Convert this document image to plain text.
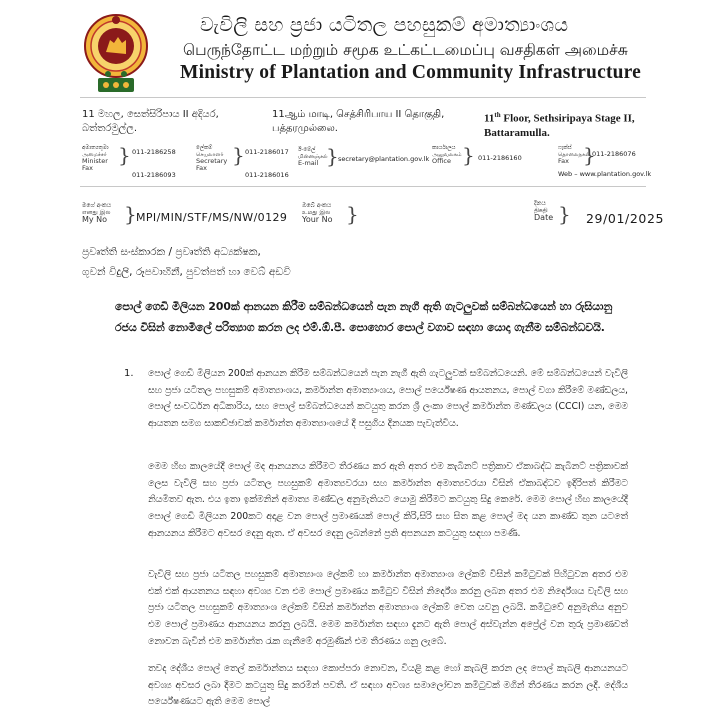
වැවිලි සහ ප්‍රජා යටිතල පහසුකම් අමාත්‍යාංශය
பெருந்தோட்ட மற்றும் சமூக உட்கட்டமைப்பு வசதிகள் அமைச்சு
Ministry of Plantation and Community Infrastructure
11 මහල, සෙත්සිරිපාය II අදියර,
බත්තරමුල්ල.
11ஆம் மாடி, செத்சிரிபாய II தொகுதி,
பத்தரமுல்லை.
11th Floor, Sethsiripaya Stage II,
Battaramulla.
අමාත්‍යතුමා
அமைச்சர்
Minister
Fax
} 011-2186258
011-2186093
ලේකම්
செயலாளர்
Secretary
Fax
} 011-2186017
011-2186016
ඊ-මේල්
மின்னஞ்சல்
E-mail } secretary@plantation.gov.lk
කාර්යාලය
அலுவலகம்
Office } 011-2186160
ෆැක්ස්
தொலைநகல்
Fax }
011-2186076
Web – www.plantation.gov.lk
මගේ අංකය
எனது இல
My No } MPI/MIN/STF/MS/NW/0129
ඔබේ අංකය
உமது இல
Your No }	දිනය
திகதி
Date } 29/01/2025
ප්‍රවෘත්ති සංස්කාරක / ප්‍රවෘත්ති අධ්‍යක්ෂක,
ගුවන් විදුලි, රූපවාහිනී, පුවත්පත් හා වෙබ් අඩවි
පොල් ගෙඩි මිලියන 200ක් ආනයන කිරීම සම්බන්ධයෙන් පැන නැගී ඇති ගැටලුවක් සම්බන්ධයෙන් හා රුසියානු රජය විසින් නොමිලේ පරිත්‍යාග කරන ලද එම්.ඕ.පී. පොහොර පොල් වගාව සඳහා යොදා ගැනීම සම්බන්ධවයි.
1. පොල් ගෙඩි මිලියන 200ක් ආනයන කිරීම සම්බන්ධයෙන් පැන නැගී ඇති ගැටලුවක් සම්බන්ධයෙනි. මේ සම්බන්ධයෙන් වැවිලි සහ ප්‍රජා යටිතල පහසුකම් අමාත්‍යාංශය, කර්මාන්ත අමාත්‍යාංශය, පොල් පර්යේෂණ ආයතනය, පොල් වගා කිරීමේ මණ්ඩලය, පොල් සංවර්ධන අධිකාරිය, සහ පොල් සම්බන්ධයෙන් කටයුතු කරන ශ්‍රී ලංකා පොල් කර්මාන්ත මණ්ඩලය (CCCI) යන, මෙම ආයතන සමග සාකච්ඡාවක් කර්මාන්ත අමාත්‍යාංශයේ දී පසුගිය දිනයක පැවැත්විය.
මෙම හිඟ කාලයේදී පොල් මද ආනයනය කිරීමට තීරණය කර ඇති අතර එම කැබිනට් පත්‍රිකාව ඒකාබද්ධ කැබිනට් පත්‍රිකාවක් ලෙස වැවිලි සහ ප්‍රජා යටිතල පහසුකම් අමාත්‍යවරයා සහ කර්මාන්ත අමාත්‍යවරයා විසින් ඒකාබද්ධව ඉදිරිපත් කිරීමට නියමිතව ඇත. එය ඉතා ඉක්මනින් අමාත්‍ය මණ්ඩල අනුමැතියට යොමු කිරීමට කටයුතු සිදු කෙරේ. මෙම පොල් හිඟ කාලයේදී පොල් ගෙඩි මිලියන 200කට අදාළ වන පොල් ප්‍රමාණයක් පොල් කිරි,සිරි සහ සිත කළ පොල් මද යන කාණ්ඩ තුන යටතේ ආනයනය කිරීමට අවසර දෙනු ඇත. ඒ අවසර දෙනු ලබන්නේ ප්‍රති අපනයන කටයුතු සඳහා පමණි.
වැවිලි සහ ප්‍රජා යටිතල පහසුකම් අමාත්‍යාංශ ලේකම් හා කර්මාන්ත අමාත්‍යාංශ ලේකම් විසින් කමිටුවක් පිහිටුවන අතර එම එක් එක් ආයතනය සඳහා අවශ්‍ය වන එම පොල් ප්‍රමාණය කමිටුව විසින් නිර්දේශ කරනු ලබන අතර එම නිර්දේශය වැවිලි සහ ප්‍රජා යටිතල පහසුකම් අමාත්‍යාංශ ලේකම් විසින් කර්මාන්ත අමාත්‍යාංශ ලේකම් වෙත යවනු ලබයි. කමිටුවේ අනුමැතිය අනුව එම පොල් ප්‍රමාණය ආනයනය කරනු ලබයි. මෙම කර්මාන්ත සඳහා දැනට ඇති පොල් අස්වැන්න අප්‍රේල් වන තුරු ප්‍රමාණවත් නොවන බැවින් එම කර්මාන්ත රැක ගැනීමේ අරමුණින් එම තීරණය ගනු ලැබේ.
තවද දේශීය පොල් තෙල් කර්මාන්තය සඳහා කොප්පරා නොවන, වියළි කළ හෝ කැබලි කරන ලද පොල් කැබලි ආනයනයට අවශ්‍ය අවසර ලබා දීමට කටයුතු සිදු කරමින් පවතී. ඒ සඳහා අවශ්‍ය සමාලෝචන කමිටුවක් මගින් තීරණය කරන ලදී. දේශීය පර්යේෂණයට ඇති මෙම පොල්
